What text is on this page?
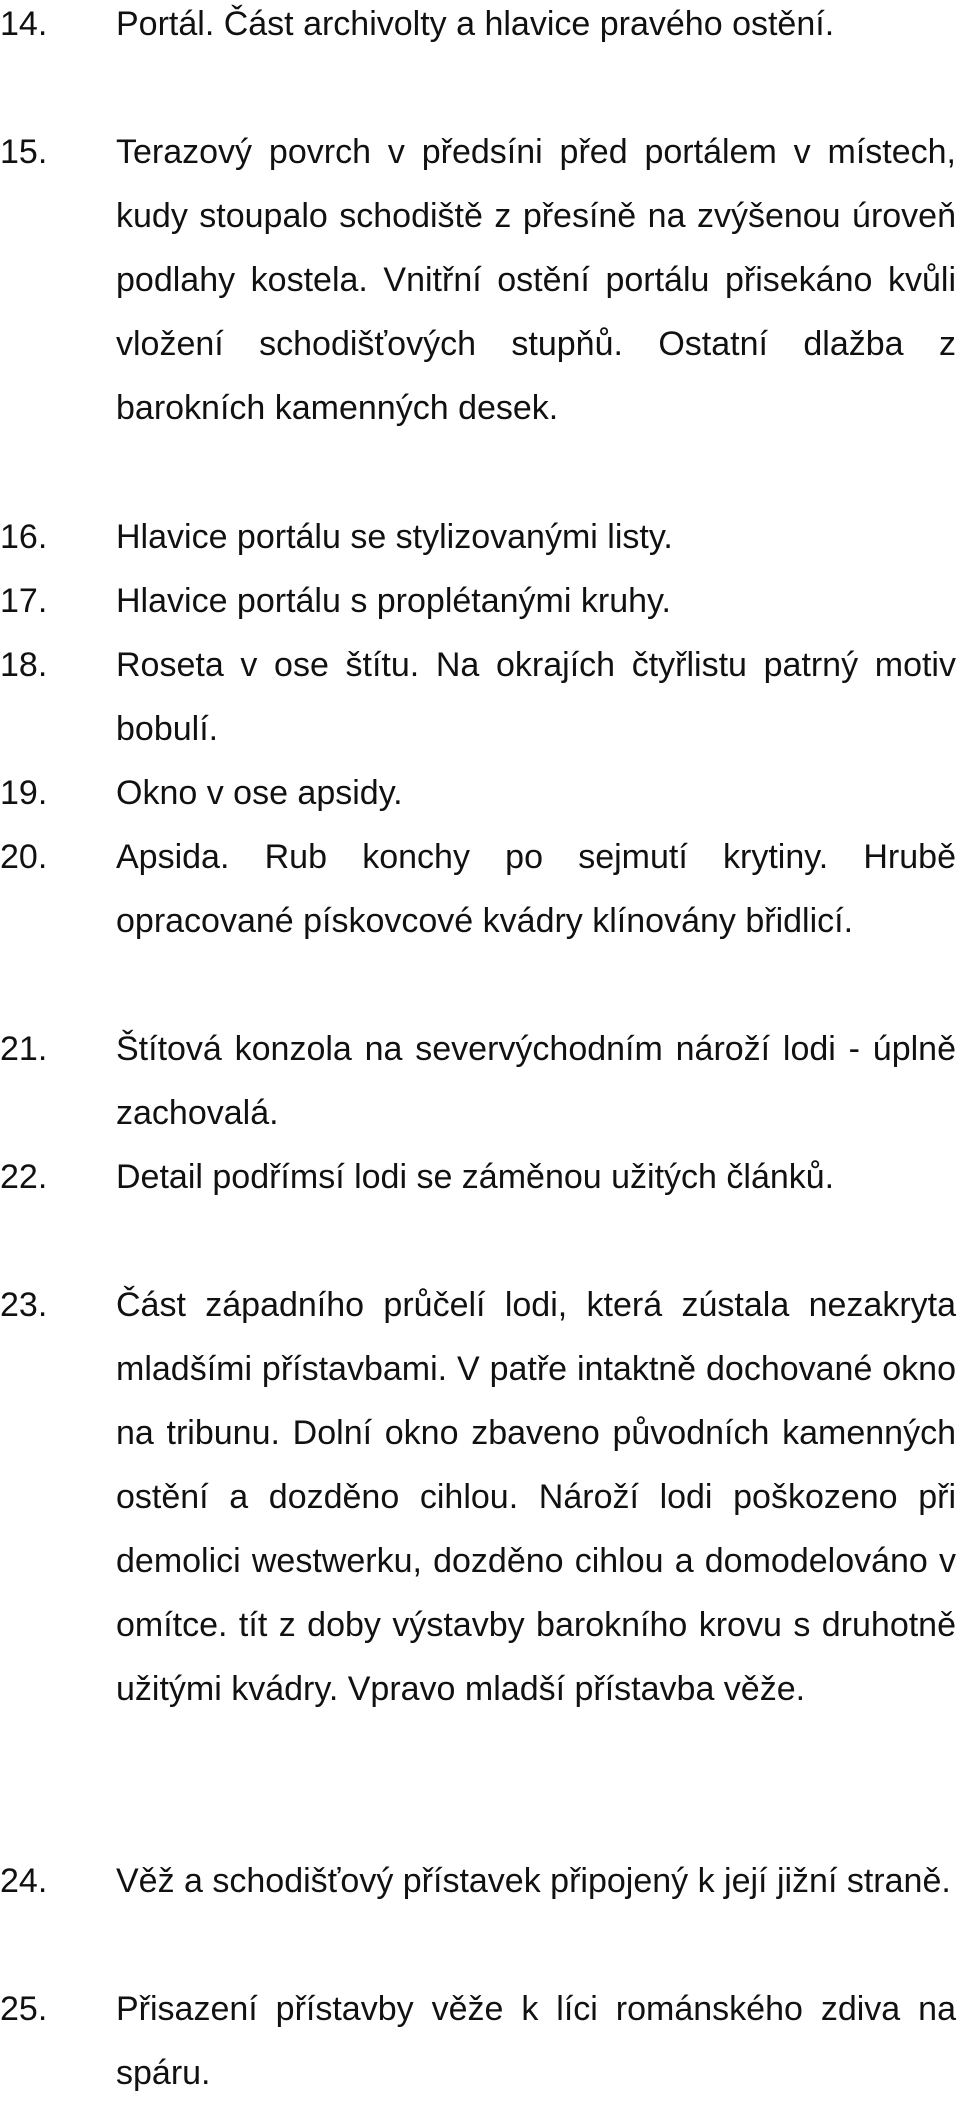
14. Portál. Část archivolty a hlavice pravého ostění.
15. Terazový povrch v předsíni před portálem v místech, kudy stoupalo schodiště z přesíně na zvýšenou úroveň podlahy kostela. Vnitřní ostění portálu přisekáno kvůli vložení schodišťových stupňů. Ostatní dlažba z barokních kamenných desek.
16. Hlavice portálu se stylizovanými listy.
17. Hlavice portálu s proplétanými kruhy.
18. Roseta v ose štítu. Na okrajích čtyřlistu patrný motiv bobulí.
19. Okno v ose apsidy.
20. Apsida. Rub konchy po sejmutí krytiny. Hrubě opracované pískovcové kvádry klínovány břidlicí.
21. Štítová konzola na severvýchodním nároží lodi - úplně zachovalá.
22. Detail podřímsí lodi se záměnou užitých článků.
23. Část západního průčelí lodi, která zústala nezakryta mladšími přístavbami. V patře intaktně dochované okno na tribunu. Dolní okno zbaveno původních kamenných ostění a dozděno cihlou. Nároží lodi poškozeno při demolici westwerku, dozděno cihlou a domodelováno v omítce. tít z doby výstavby barokního krovu s druhotně užitými kvádry. Vpravo mladší přístavba věže.
24. Věž a schodišťový přístavek připojený k její jižní straně.
25. Přisazení přístavby věže k líci románského zdiva na spáru.
